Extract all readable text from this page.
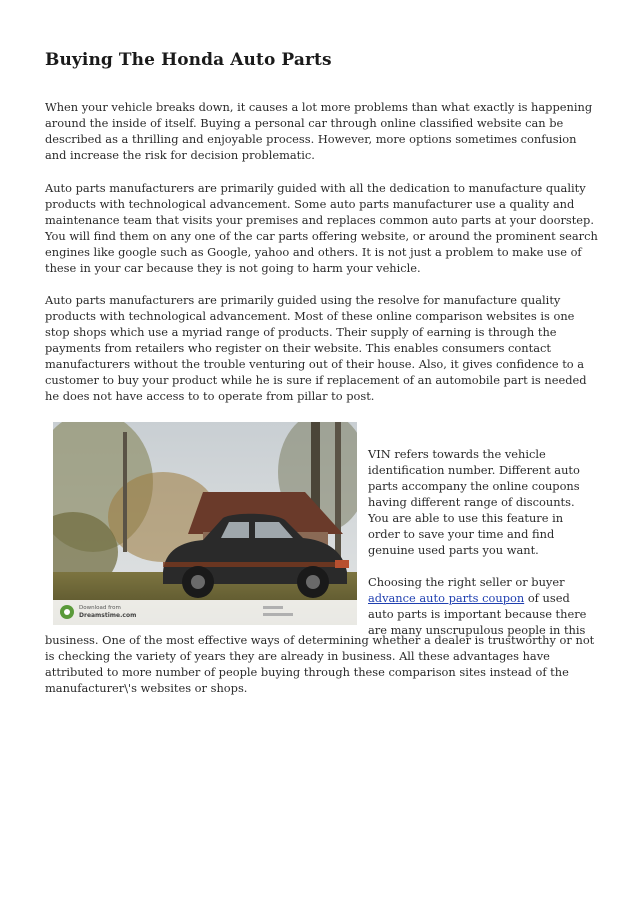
Buying The Honda Auto Parts

When your vehicle breaks down, it causes a lot more problems than what exactly is happening around the inside of itself. Buying a personal car through online classified website can be described as a thrilling and enjoyable process. However, more options sometimes confusion and increase the risk for decision problematic.

Auto parts manufacturers are primarily guided with all the dedication to manufacture quality products with technological advancement. Some auto parts manufacturer use a quality and maintenance team that visits your premises and replaces common auto parts at your doorstep. You will find them on any one of the car parts offering website, or around the prominent search engines like google such as Google, yahoo and others. It is not just a problem to make use of these in your car because they is not going to harm your vehicle.

Auto parts manufacturers are primarily guided using the resolve for manufacture quality products with technological advancement. Most of these online comparison websites is one stop shops which use a myriad range of products. Their supply of earning is through the payments from retailers who register on their website. This enables consumers contact manufacturers without the trouble venturing out of their house. Also, it gives confidence to a customer to buy your product while he is sure if replacement of an automobile part is needed he does not have access to to operate from pillar to post.

Download from
Dreamstime.com

VIN refers towards the vehicle identification number. Different auto parts accompany the online coupons having different range of discounts. You are able to use this feature in order to save your time and find genuine used parts you want.

Choosing the right seller or buyer advance auto parts coupon of used auto parts is important because there are many unscrupulous people in this

business. One of the most effective ways of determining whether a dealer is trustworthy or not is checking the variety of years they are already in business. All these advantages have attributed to more number of people buying through these comparison sites instead of the manufacturer\'s websites or shops.
